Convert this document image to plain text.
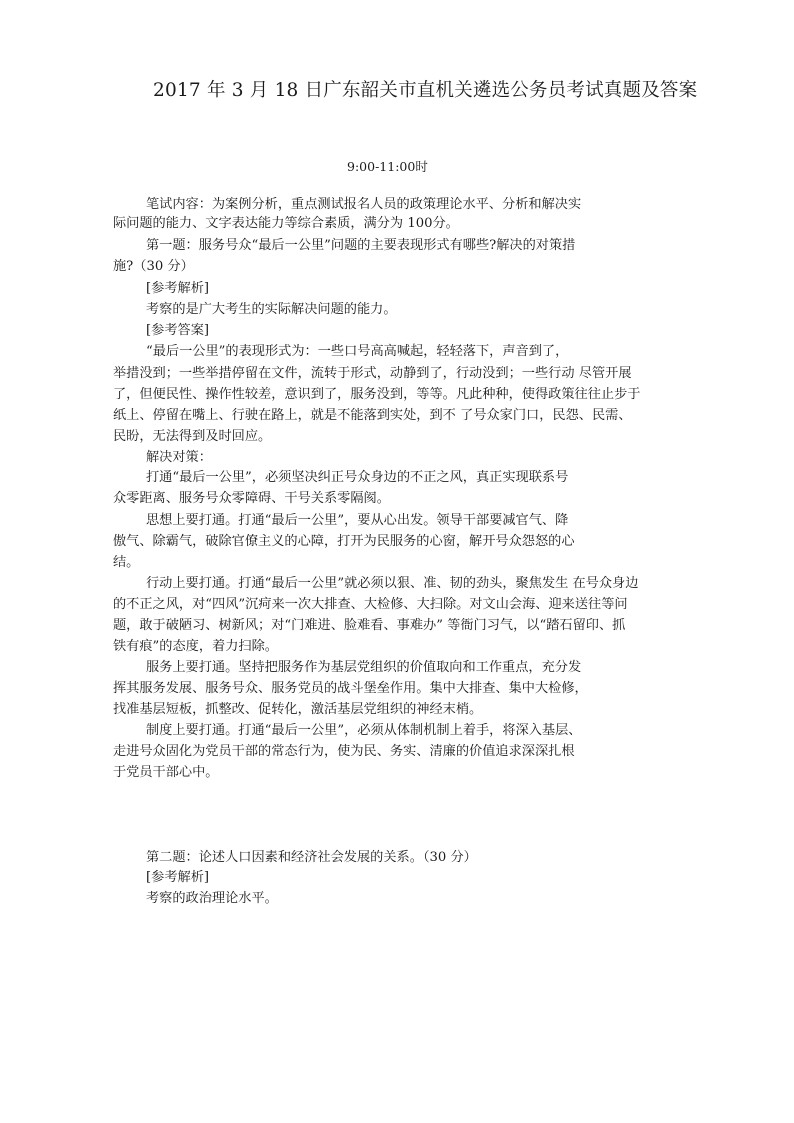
2017 年 3 月 18 日广东韶关市直机关遴选公务员考试真题及答案
9:00-11:00时
笔试内容：为案例分析，重点测试报名人员的政策理论水平、分析和解决实
际问题的能力、文字表达能力等综合素质，满分为 100分。
第一题：服务号众“最后一公里”问题的主要表现形式有哪些?解决的对策措
施?（30 分）
[参考解析]
考察的是广大考生的实际解决问题的能力。
[参考答案]
“最后一公里”的表现形式为：一些口号高高喊起，轻轻落下，声音到了，
举措没到；一些举措停留在文件，流转于形式，动静到了，行动没到；一些行动 尽管开展
了，但便民性、操作性较差，意识到了，服务没到，等等。凡此种种，使得政策往往止步于
纸上、停留在嘴上、行驶在路上，就是不能落到实处，到不 了号众家门口，民怨、民需、
民盼，无法得到及时回应。
解决对策：
打通“最后一公里”，必须坚决纠正号众身边的不正之风，真正实现联系号
众零距离、服务号众零障碍、干号关系零隔阂。
思想上要打通。打通“最后一公里”，要从心出发。领导干部要减官气、降
傲气、除霸气，破除官僚主义的心障，打开为民服务的心窗，解开号众怨怒的心
结。
行动上要打通。打通“最后一公里”就必须以狠、准、韧的劲头，聚焦发生 在号众身边
的不正之风，对“四风”沉疴来一次大排查、大检修、大扫除。对文山会海、迎来送往等问
题，敢于破陋习、树新风；对“门难进、脸难看、事难办” 等衙门习气，以“踏石留印、抓
铁有痕”的态度，着力扫除。
服务上要打通。坚持把服务作为基层党组织的价值取向和工作重点，充分发
挥其服务发展、服务号众、服务党员的战斗堡垒作用。集中大排查、集中大检修，
找准基层短板，抓整改、促转化，激活基层党组织的神经末梢。
制度上要打通。打通“最后一公里”，必须从体制机制上着手，将深入基层、
走进号众固化为党员干部的常态行为，使为民、务实、清廉的价值追求深深扎根
于党员干部心中。
第二题：论述人口因素和经济社会发展的关系。（30 分）
[参考解析]
考察的政治理论水平。
